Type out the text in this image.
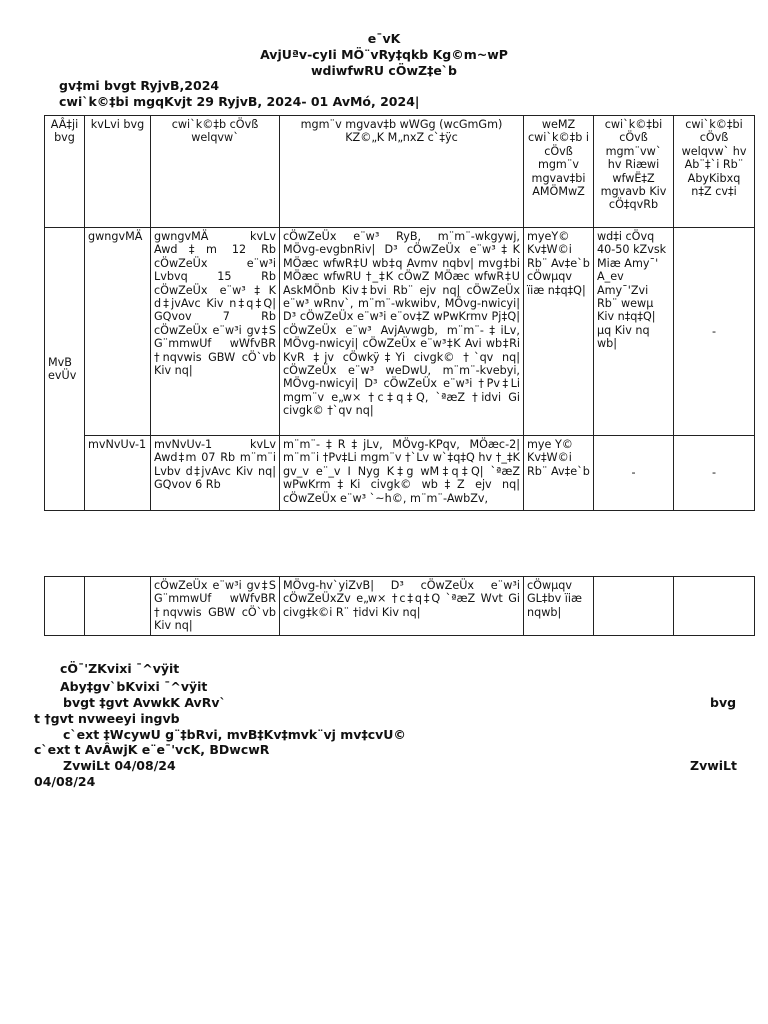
e¯vK
AvjUªv-cyIi MÖ¨vRy‡qkb Kg©m~wP
wdiwfwRU cÖwZ‡e`b
gv‡mi bvgt RyjvB,2024
cwi`k©‡bi mgqKvjt 29 RyjvB, 2024- 01 AvMó, 2024|
AÂ‡ji bvg	kvLvi bvg	cwi`k©‡b cÖvß welqvw`	mgm¨v mgvav‡b wWGg (wcGmGm) KZ©„K M„nxZ c`‡ÿc	weMZ cwi`k©‡b i cÖvß mgm¨v mgvav‡bi AMÖMwZ	cwi`k©‡bi cÖvß mgm¨vw` hv Riæwi wfwË‡Z mgvavb Kiv cÖ‡qvRb	cwi`k©‡bi cÖvß welqvw` hv Ab¨‡`i Rb¨ AbyKibxq n‡Z cv‡i
MvB evÜv	gwngvMÄ	gwngvMÄ kvLv Awd‡m 12 Rb cÖwZeÜx e¨w³i Lvbvq 15 Rb cÖwZeÜx e¨w³‡K d‡jvAvc Kiv n‡q‡Q| GQvov 7 Rb cÖwZeÜx e¨w³i gv‡S G¨mmwUf wWfvBR †nqvwis GBW cÖ`vb Kiv nq|	cÖwZeÜx e¨w³ RyB, m¨m¨-wkgywj, MÖvg-evgbnRiv| D³ cÖwZeÜx e¨w³‡K MÖæc wfwR‡U wb‡q Avmv nqbv| mvg‡bi MÖæc wfwRU †_‡K cÖwZ MÖæc wfwR‡U AskMÖnb Kiv‡bvi Rb¨ ejv nq| cÖwZeÜx e¨w³ wRnv`, m¨m¨-wkwibv, MÖvg-nwicyi| D³ cÖwZeÜx e¨w³i e¨ov‡Z wPwKrmv Pj‡Q| cÖwZeÜx e¨w³ AvjAvwgb, m¨m¨-‡iLv, MÖvg-nwicyi| cÖwZeÜx e¨w³‡K Avi wb‡Ri KvR ‡jv cÖwkÿ‡Yi civgk© †`qv nq| cÖwZeÜx e¨w³ weDwU, m¨m¨-kvebyi, MÖvg-nwicyi| D³ cÖwZeÜx e¨w³i †Pv‡Li mgm¨v e„w× †c‡q‡Q, `ªæZ †idvi Gi civgk© †`qv nq|	myeY© Kv‡W©i Rb¨ Av‡e`b cÖwµqv ïiæ n‡q‡Q|	wd‡i cÖvq 40-50 kZvsk Miæ Amy¯' A_ev Amy¯'Zvi Rb¨ wewµ Kiv n‡q‡Q| µq Kiv nq wb|	-
	mvNvUv-1	mvNvUv-1 kvLv Awd‡m 07 Rb m¨m¨i Lvbv d‡jvAvc Kiv nq| GQvov 6 Rb	m¨m¨-‡R‡jLv, MÖvg-KPqv, MÖæc-2| m¨m¨i †Pv‡Li mgm¨v †`Lv w`‡q‡Q hv †_‡K gv_v e¨_v I Nyg K‡g wM‡q‡Q| `ªæZ wPwKrm‡Ki civgk© wb‡Z ejv nq| cÖwZeÜx e¨w³ `~h©, m¨m¨-AwbZv,	mye Y© Kv‡W©i Rb¨ Av‡e`b	-	-
		cÖwZeÜx e¨w³i gv‡S G¨mmwUf wWfvBR †nqvwis GBW cÖ`vb Kiv nq|	MÖvg-hv`yiZvB| D³ cÖwZeÜx e¨w³i cÖwZeÜxZv e„w× †c‡q‡Q `ªæZ Wvt Gi civg‡k©i R¨ †idvi Kiv nq|	cÖwµqv GL‡bv ïiæ nqwb|		
cÖ¯'ZKvixi ¯^vÿit
Aby‡gv`bKvixi ¯^vÿit
bvgt ‡gvt AvwkK AvRv`	bvg
t †gvt nvweeyi ingvb
c`ext ‡WcywU g¨‡bRvi, mvB‡Kv‡mvk¨vj mv‡cvU©
c`ext t AvÂwjK e¨e¯'vcK, BDwcwR
ZvwiLt 04/08/24	ZvwiLt
04/08/24
